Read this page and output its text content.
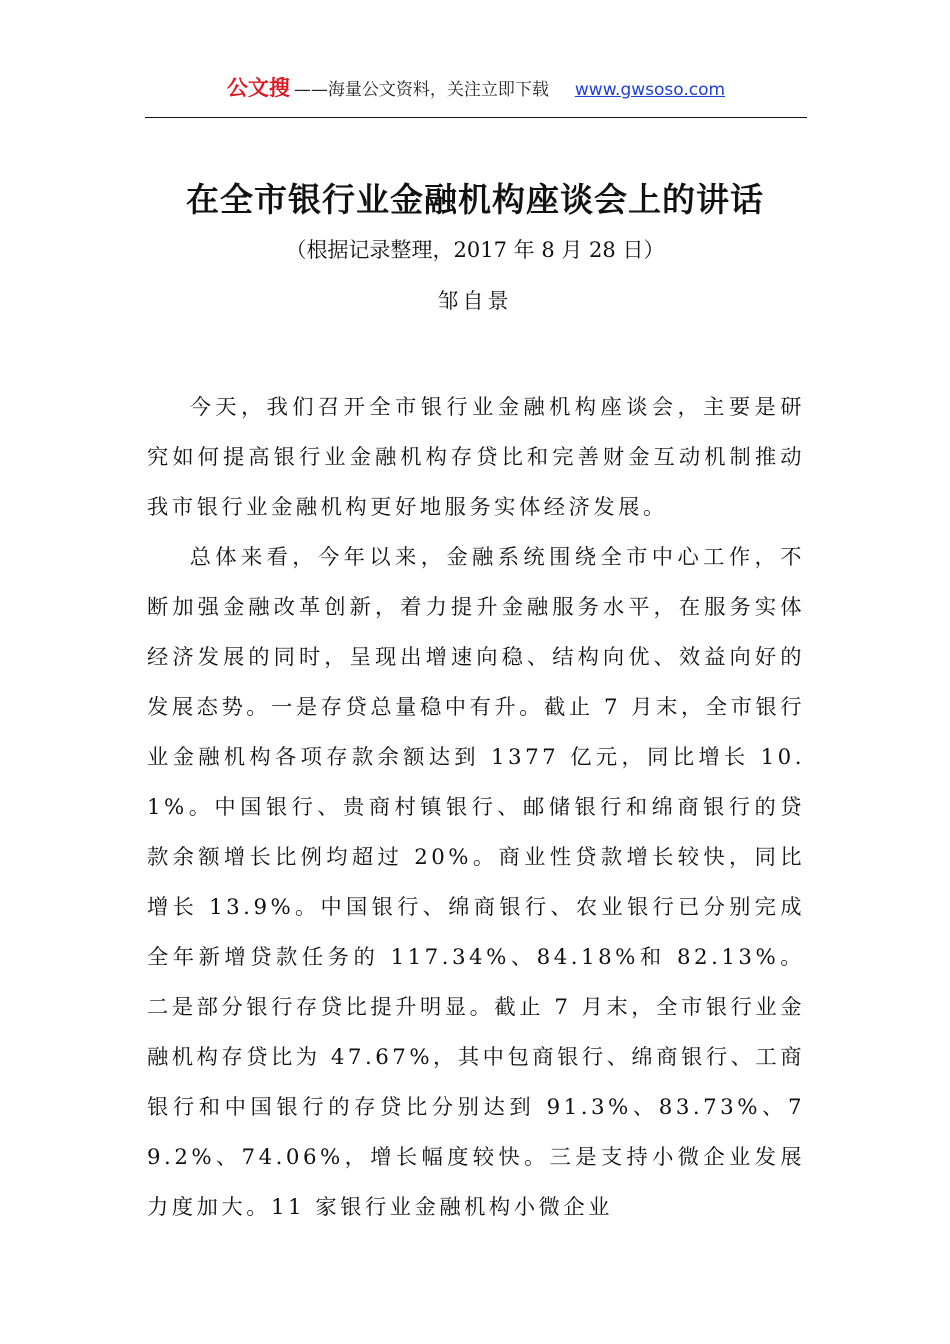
公文搜 ——海量公文资料，关注立即下载 www.gwsoso.com
在全市银行业金融机构座谈会上的讲话
（根据记录整理，2017 年 8 月 28 日）
邹自景

今天，我们召开全市银行业金融机构座谈会，主要是研究如何提高银行业金融机构存贷比和完善财金互动机制推动我市银行业金融机构更好地服务实体经济发展。

总体来看，今年以来，金融系统围绕全市中心工作，不断加强金融改革创新，着力提升金融服务水平，在服务实体经济发展的同时，呈现出增速向稳、结构向优、效益向好的发展态势。一是存贷总量稳中有升。截止 7 月末，全市银行业金融机构各项存款余额达到 1377 亿元，同比增长 10.1%。中国银行、贵商村镇银行、邮储银行和绵商银行的贷款余额增长比例均超过 20%。商业性贷款增长较快，同比增长 13.9%。中国银行、绵商银行、农业银行已分别完成全年新增贷款任务的 117.34%、84.18%和 82.13%。二是部分银行存贷比提升明显。截止 7 月末，全市银行业金融机构存贷比为 47.67%，其中包商银行、绵商银行、工商银行和中国银行的存贷比分别达到 91.3%、83.73%、79.2%、74.06%，增长幅度较快。三是支持小微企业发展力度加大。11 家银行业金融机构小微企业
